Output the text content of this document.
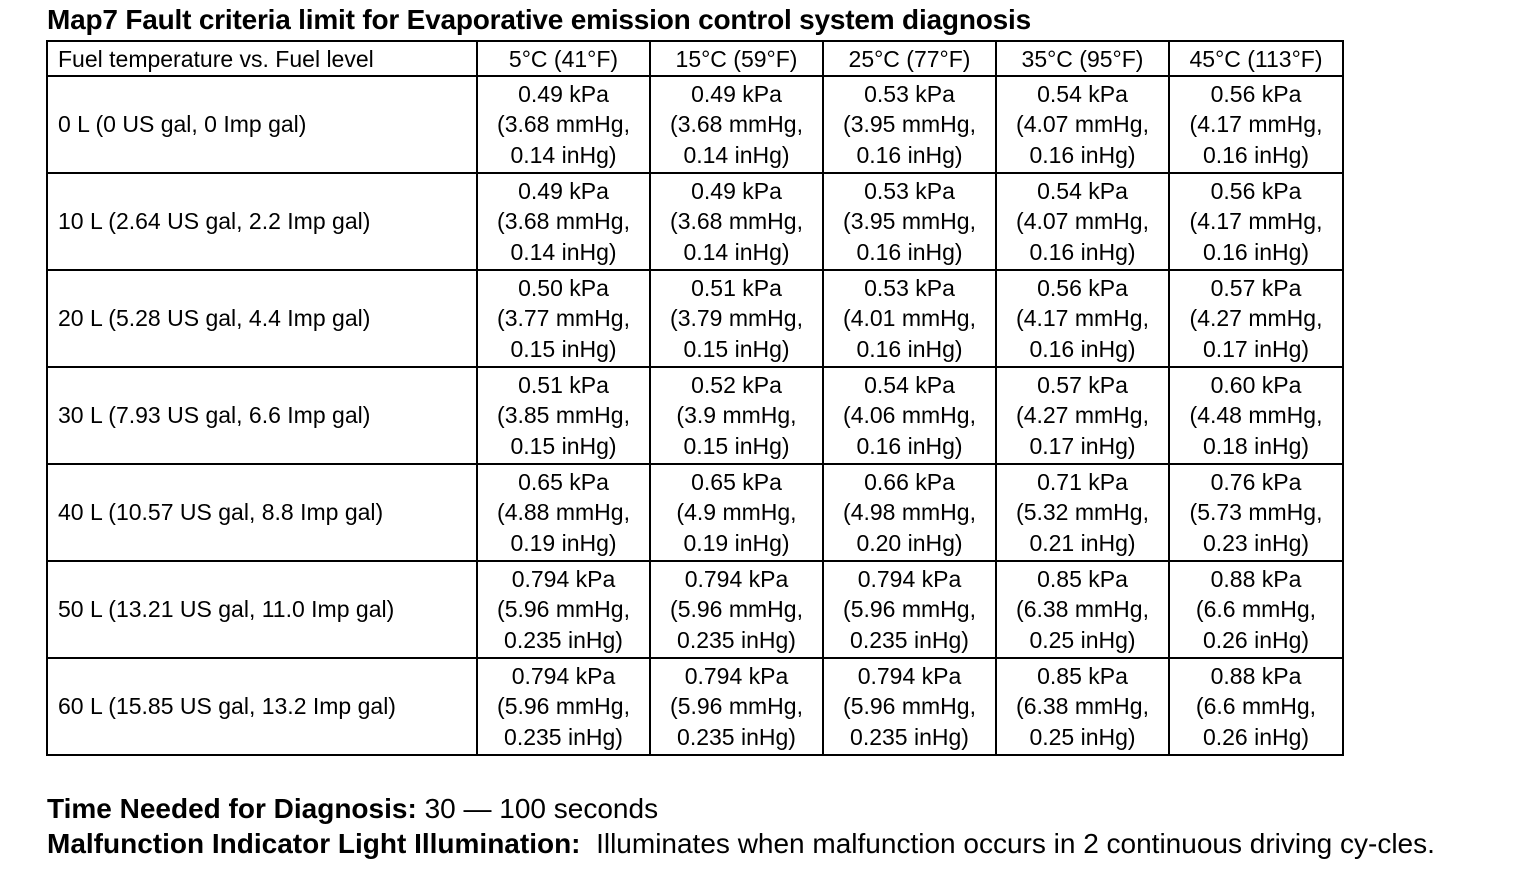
Map7 Fault criteria limit for Evaporative emission control system diagnosis
Fuel temperature vs. Fuel level	5°C (41°F)	15°C (59°F)	25°C (77°F)	35°C (95°F)	45°C (113°F)
0 L (0 US gal, 0 Imp gal)	0.49 kPa
(3.68 mmHg,
0.14 inHg)	0.49 kPa
(3.68 mmHg,
0.14 inHg)	0.53 kPa
(3.95 mmHg,
0.16 inHg)	0.54 kPa
(4.07 mmHg,
0.16 inHg)	0.56 kPa
(4.17 mmHg,
0.16 inHg)

10 L (2.64 US gal, 2.2 Imp gal)	0.49 kPa
(3.68 mmHg,
0.14 inHg)	0.49 kPa
(3.68 mmHg,
0.14 inHg)	0.53 kPa
(3.95 mmHg,
0.16 inHg)	0.54 kPa
(4.07 mmHg,
0.16 inHg)	0.56 kPa
(4.17 mmHg,
0.16 inHg)

20 L (5.28 US gal, 4.4 Imp gal)	0.50 kPa
(3.77 mmHg,
0.15 inHg)	0.51 kPa
(3.79 mmHg,
0.15 inHg)	0.53 kPa
(4.01 mmHg,
0.16 inHg)	0.56 kPa
(4.17 mmHg,
0.16 inHg)	0.57 kPa
(4.27 mmHg,
0.17 inHg)

30 L (7.93 US gal, 6.6 Imp gal)	0.51 kPa
(3.85 mmHg,
0.15 inHg)	0.52 kPa
(3.9 mmHg,
0.15 inHg)	0.54 kPa
(4.06 mmHg,
0.16 inHg)	0.57 kPa
(4.27 mmHg,
0.17 inHg)	0.60 kPa
(4.48 mmHg,
0.18 inHg)

40 L (10.57 US gal, 8.8 Imp gal)	0.65 kPa
(4.88 mmHg,
0.19 inHg)	0.65 kPa
(4.9 mmHg,
0.19 inHg)	0.66 kPa
(4.98 mmHg,
0.20 inHg)	0.71 kPa
(5.32 mmHg,
0.21 inHg)	0.76 kPa
(5.73 mmHg,
0.23 inHg)

50 L (13.21 US gal, 11.0 Imp gal)	0.794 kPa
(5.96 mmHg,
0.235 inHg)	0.794 kPa
(5.96 mmHg,
0.235 inHg)	0.794 kPa
(5.96 mmHg,
0.235 inHg)	0.85 kPa
(6.38 mmHg,
0.25 inHg)	0.88 kPa
(6.6 mmHg,
0.26 inHg)

60 L (15.85 US gal, 13.2 Imp gal)	0.794 kPa
(5.96 mmHg,
0.235 inHg)	0.794 kPa
(5.96 mmHg,
0.235 inHg)	0.794 kPa
(5.96 mmHg,
0.235 inHg)	0.85 kPa
(6.38 mmHg,
0.25 inHg)	0.88 kPa
(6.6 mmHg,
0.26 inHg)

Time Needed for Diagnosis: 30 — 100 seconds

Malfunction Indicator Light Illumination:  Illuminates when malfunction occurs in 2 continuous driving cy-cles.
